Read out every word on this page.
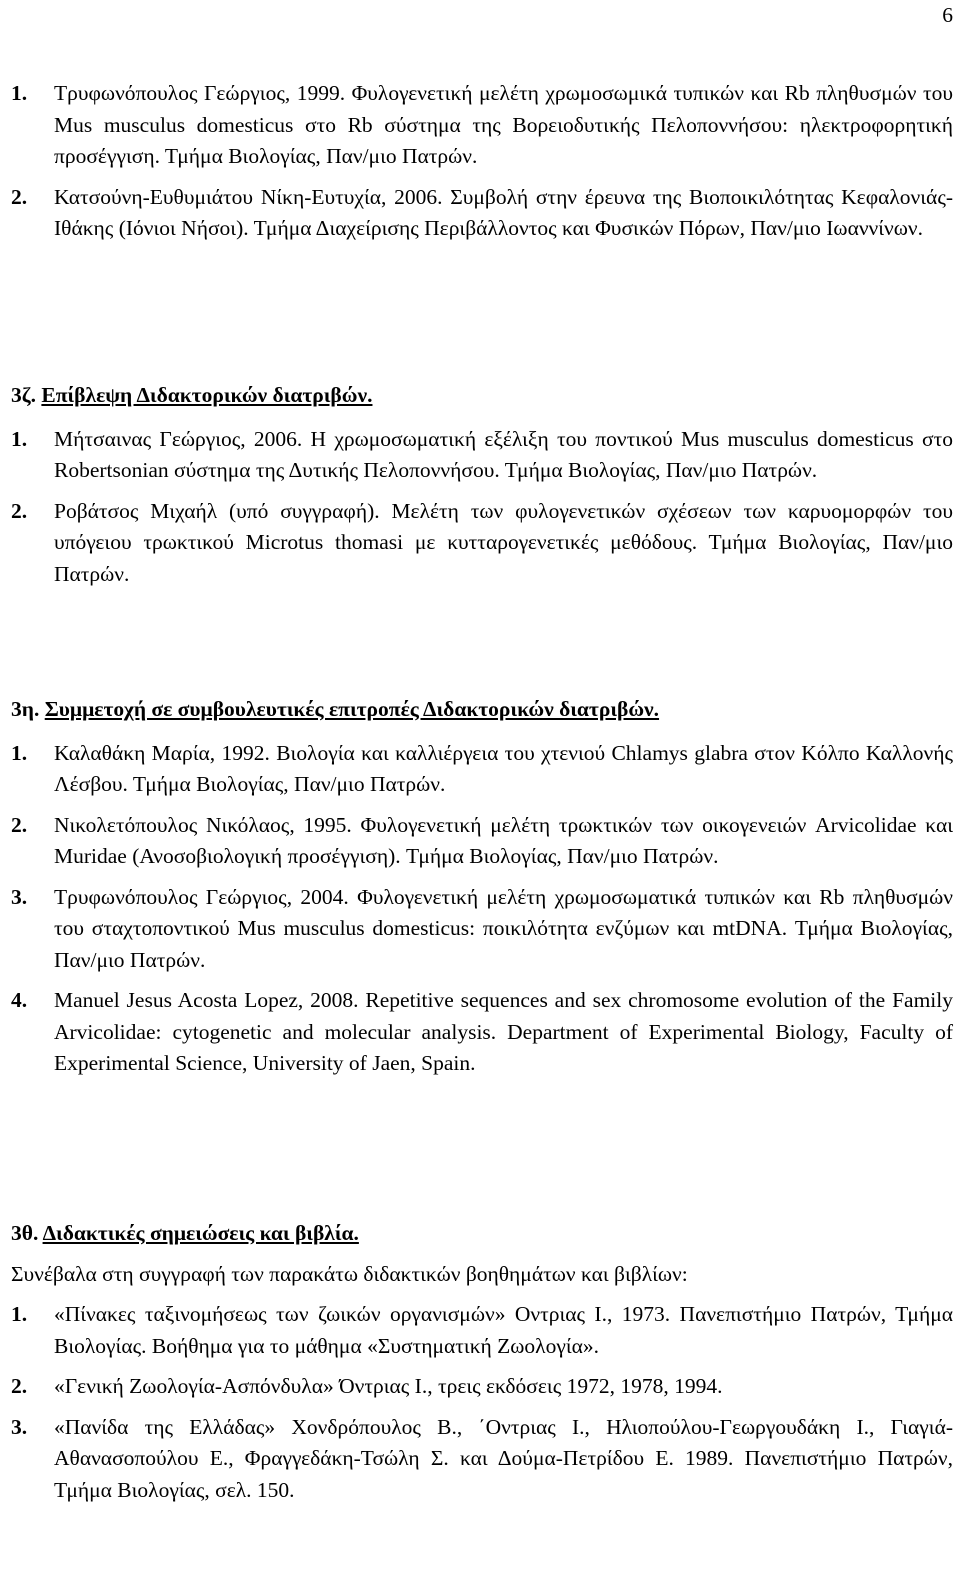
6
1. Τρυφωνόπουλος Γεώργιος, 1999. Φυλογενετική μελέτη χρωμοσωμικά τυπικών και Rb πληθυσμών του Mus musculus domesticus στο Rb σύστημα της Βορειοδυτικής Πελοποννήσου: ηλεκτροφορητική προσέγγιση. Τμήμα Βιολογίας, Παν/μιο Πατρών.
2. Κατσούνη-Ευθυμιάτου Νίκη-Ευτυχία, 2006. Συμβολή στην έρευνα της Βιοποικιλότητας Κεφαλονιάς-Ιθάκης (Ιόνιοι Νήσοι). Τμήμα Διαχείρισης Περιβάλλοντος και Φυσικών Πόρων, Παν/μιο Ιωαννίνων.
3ζ. Επίβλεψη Διδακτορικών διατριβών.
1. Μήτσαινας Γεώργιος, 2006. Η χρωμοσωματική εξέλιξη του ποντικού Mus musculus domesticus στο Robertsonian σύστημα της Δυτικής Πελοποννήσου. Τμήμα Βιολογίας, Παν/μιο Πατρών.
2. Ροβάτσος Μιχαήλ (υπό συγγραφή). Μελέτη των φυλογενετικών σχέσεων των καρυομορφών του υπόγειου τρωκτικού Microtus thomasi με κυτταρογενετικές μεθόδους. Τμήμα Βιολογίας, Παν/μιο Πατρών.
3η. Συμμετοχή σε συμβουλευτικές επιτροπές Διδακτορικών διατριβών.
1. Καλαθάκη Μαρία, 1992. Βιολογία και καλλιέργεια του χτενιού Chlamys glabra στον Κόλπο Καλλονής Λέσβου. Τμήμα Βιολογίας, Παν/μιο Πατρών.
2. Νικολετόπουλος Νικόλαος, 1995. Φυλογενετική μελέτη τρωκτικών των οικογενειών Arvicolidae και Muridae (Ανοσοβιολογική προσέγγιση). Τμήμα Βιολογίας, Παν/μιο Πατρών.
3. Τρυφωνόπουλος Γεώργιος, 2004. Φυλογενετική μελέτη χρωμοσωματικά τυπικών και Rb πληθυσμών του σταχτοποντικού Mus musculus domesticus: ποικιλότητα ενζύμων και mtDNA. Τμήμα Βιολογίας, Παν/μιο Πατρών.
4. Manuel Jesus Acosta Lopez, 2008. Repetitive sequences and sex chromosome evolution of the Family Arvicolidae: cytogenetic and molecular analysis. Department of Experimental Biology, Faculty of Experimental Science, University of Jaen, Spain.
3θ. Διδακτικές σημειώσεις και βιβλία.
Συνέβαλα στη συγγραφή των παρακάτω διδακτικών βοηθημάτων και βιβλίων:
1. «Πίνακες ταξινομήσεως των ζωικών οργανισμών» Οντριας Ι., 1973. Πανεπιστήμιο Πατρών, Τμήμα Βιολογίας. Βοήθημα για το μάθημα «Συστηματική Ζωολογία».
2. «Γενική Ζωολογία-Ασπόνδυλα» Όντριας Ι., τρεις εκδόσεις 1972, 1978, 1994.
3. «Πανίδα της Ελλάδας» Χονδρόπουλος Β., ΄Οντριας Ι., Ηλιοπούλου-Γεωργουδάκη Ι., Γιαγιά-Αθανασοπούλου Ε., Φραγγεδάκη-Τσώλη Σ. και Δούμα-Πετρίδου Ε. 1989. Πανεπιστήμιο Πατρών, Τμήμα Βιολογίας, σελ. 150.
